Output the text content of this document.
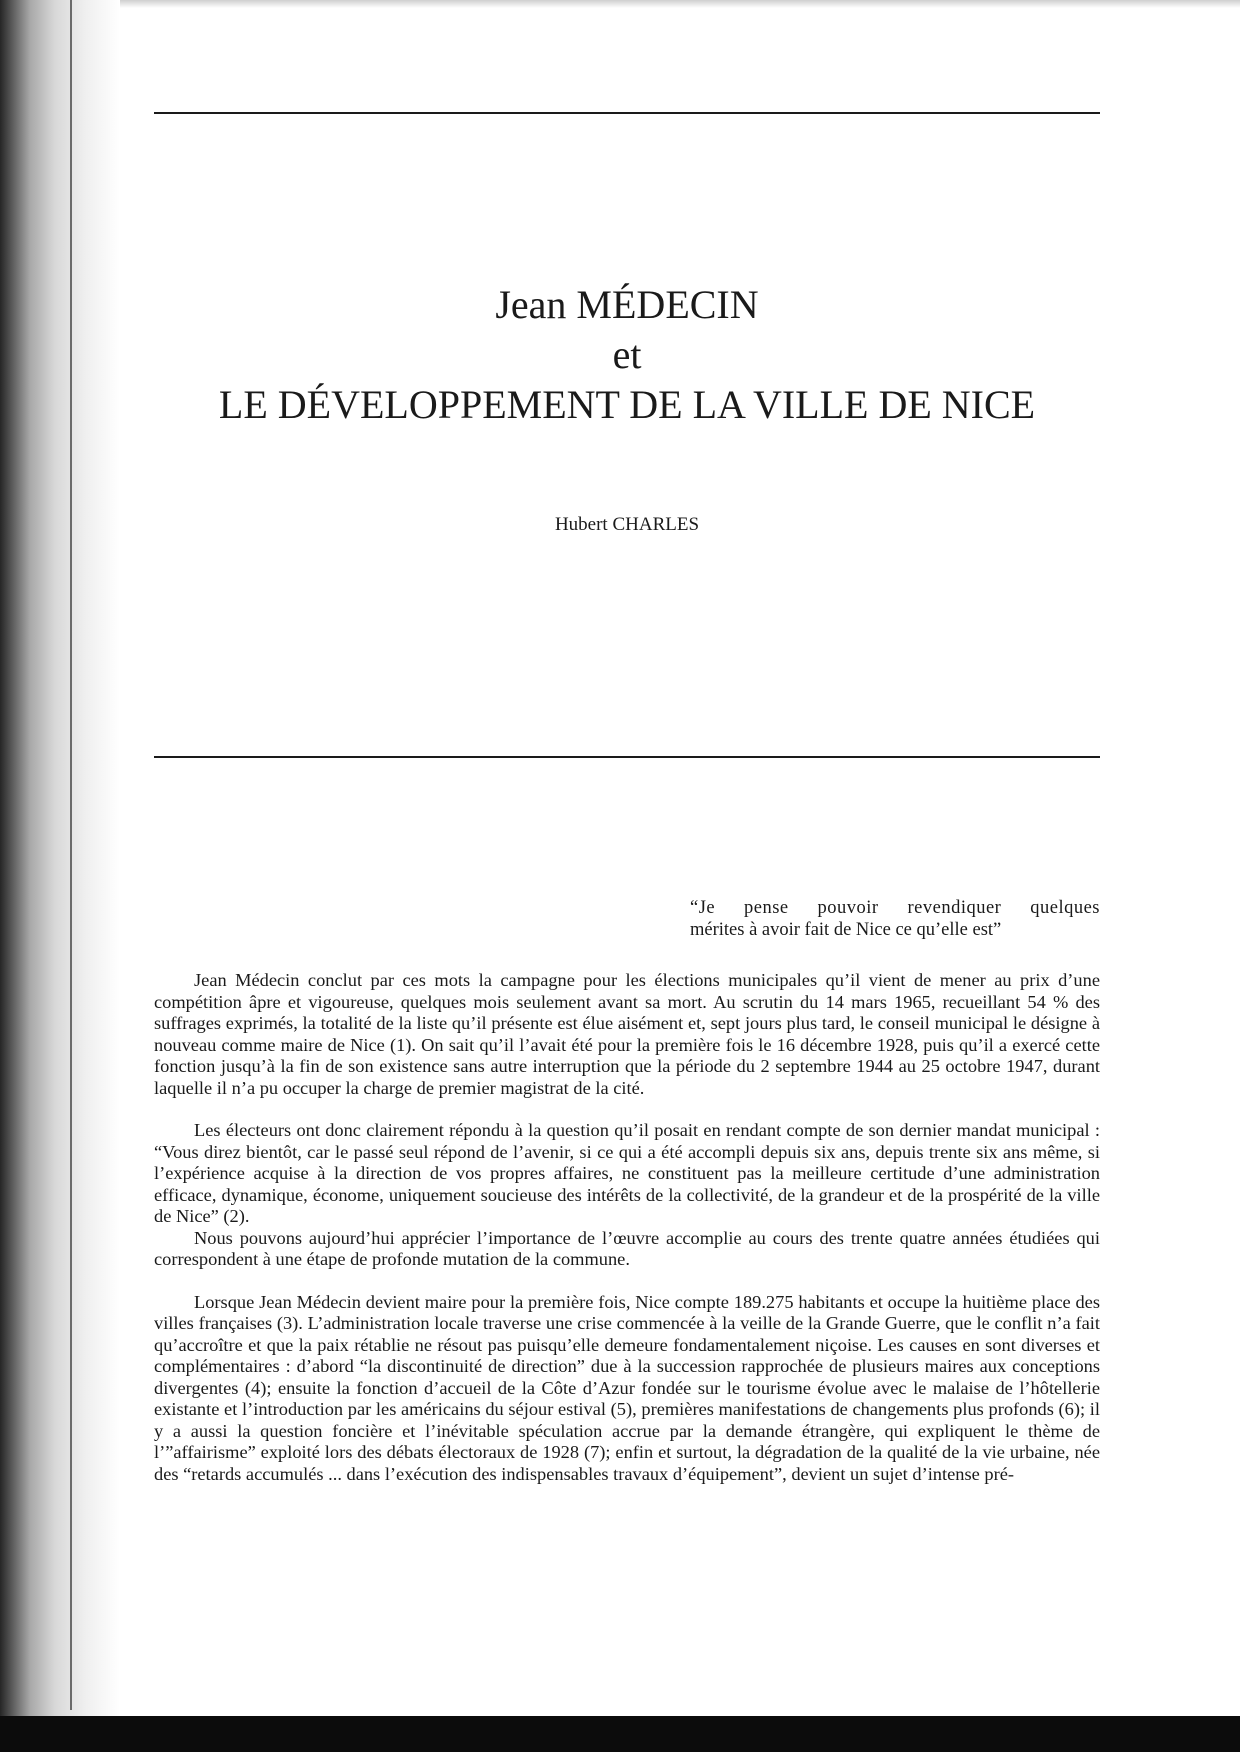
Jean MÉDECIN
et
LE DÉVELOPPEMENT DE LA VILLE DE NICE
Hubert CHARLES
“Je pense pouvoir revendiquer quelques
mérites à avoir fait de Nice ce qu’elle est”

Jean Médecin conclut par ces mots la campagne pour les élections municipales qu’il vient de mener au prix d’une compétition âpre et vigoureuse, quelques mois seulement avant sa mort. Au scrutin du 14 mars 1965, recueillant 54 % des suffrages exprimés, la totalité de la liste qu’il présente est élue aisément et, sept jours plus tard, le conseil municipal le désigne à nouveau comme maire de Nice (1). On sait qu’il l’avait été pour la première fois le 16 décembre 1928, puis qu’il a exercé cette fonction jusqu’à la fin de son existence sans autre interruption que la période du 2 septembre 1944 au 25 octobre 1947, durant laquelle il n’a pu occuper la charge de premier magistrat de la cité.

Les électeurs ont donc clairement répondu à la question qu’il posait en rendant compte de son dernier mandat municipal : “Vous direz bientôt, car le passé seul répond de l’avenir, si ce qui a été accompli depuis six ans, depuis trente six ans même, si l’expérience acquise à la direction de vos propres affaires, ne constituent pas la meilleure certitude d’une administration efficace, dynamique, économe, uniquement soucieuse des intérêts de la collectivité, de la grandeur et de la prospérité de la ville de Nice” (2).

Nous pouvons aujourd’hui apprécier l’importance de l’œuvre accomplie au cours des trente quatre années étudiées qui correspondent à une étape de profonde mutation de la commune.

Lorsque Jean Médecin devient maire pour la première fois, Nice compte 189.275 habitants et occupe la huitième place des villes françaises (3). L’administration locale traverse une crise commencée à la veille de la Grande Guerre, que le conflit n’a fait qu’accroître et que la paix rétablie ne résout pas puisqu’elle demeure fondamentalement niçoise. Les causes en sont diverses et complémentaires : d’abord “la discontinuité de direction” due à la succession rapprochée de plusieurs maires aux conceptions divergentes (4); ensuite la fonction d’accueil de la Côte d’Azur fondée sur le tourisme évolue avec le malaise de l’hôtellerie existante et l’introduction par les américains du séjour estival (5), premières manifestations de changements plus profonds (6); il y a aussi la question foncière et l’inévitable spéculation accrue par la demande étrangère, qui expliquent le thème de l’”affairisme” exploité lors des débats électoraux de 1928 (7); enfin et surtout, la dégradation de la qualité de la vie urbaine, née des “retards accumulés ... dans l’exécution des indispensables travaux d’équipement”, devient un sujet d’intense pré-
